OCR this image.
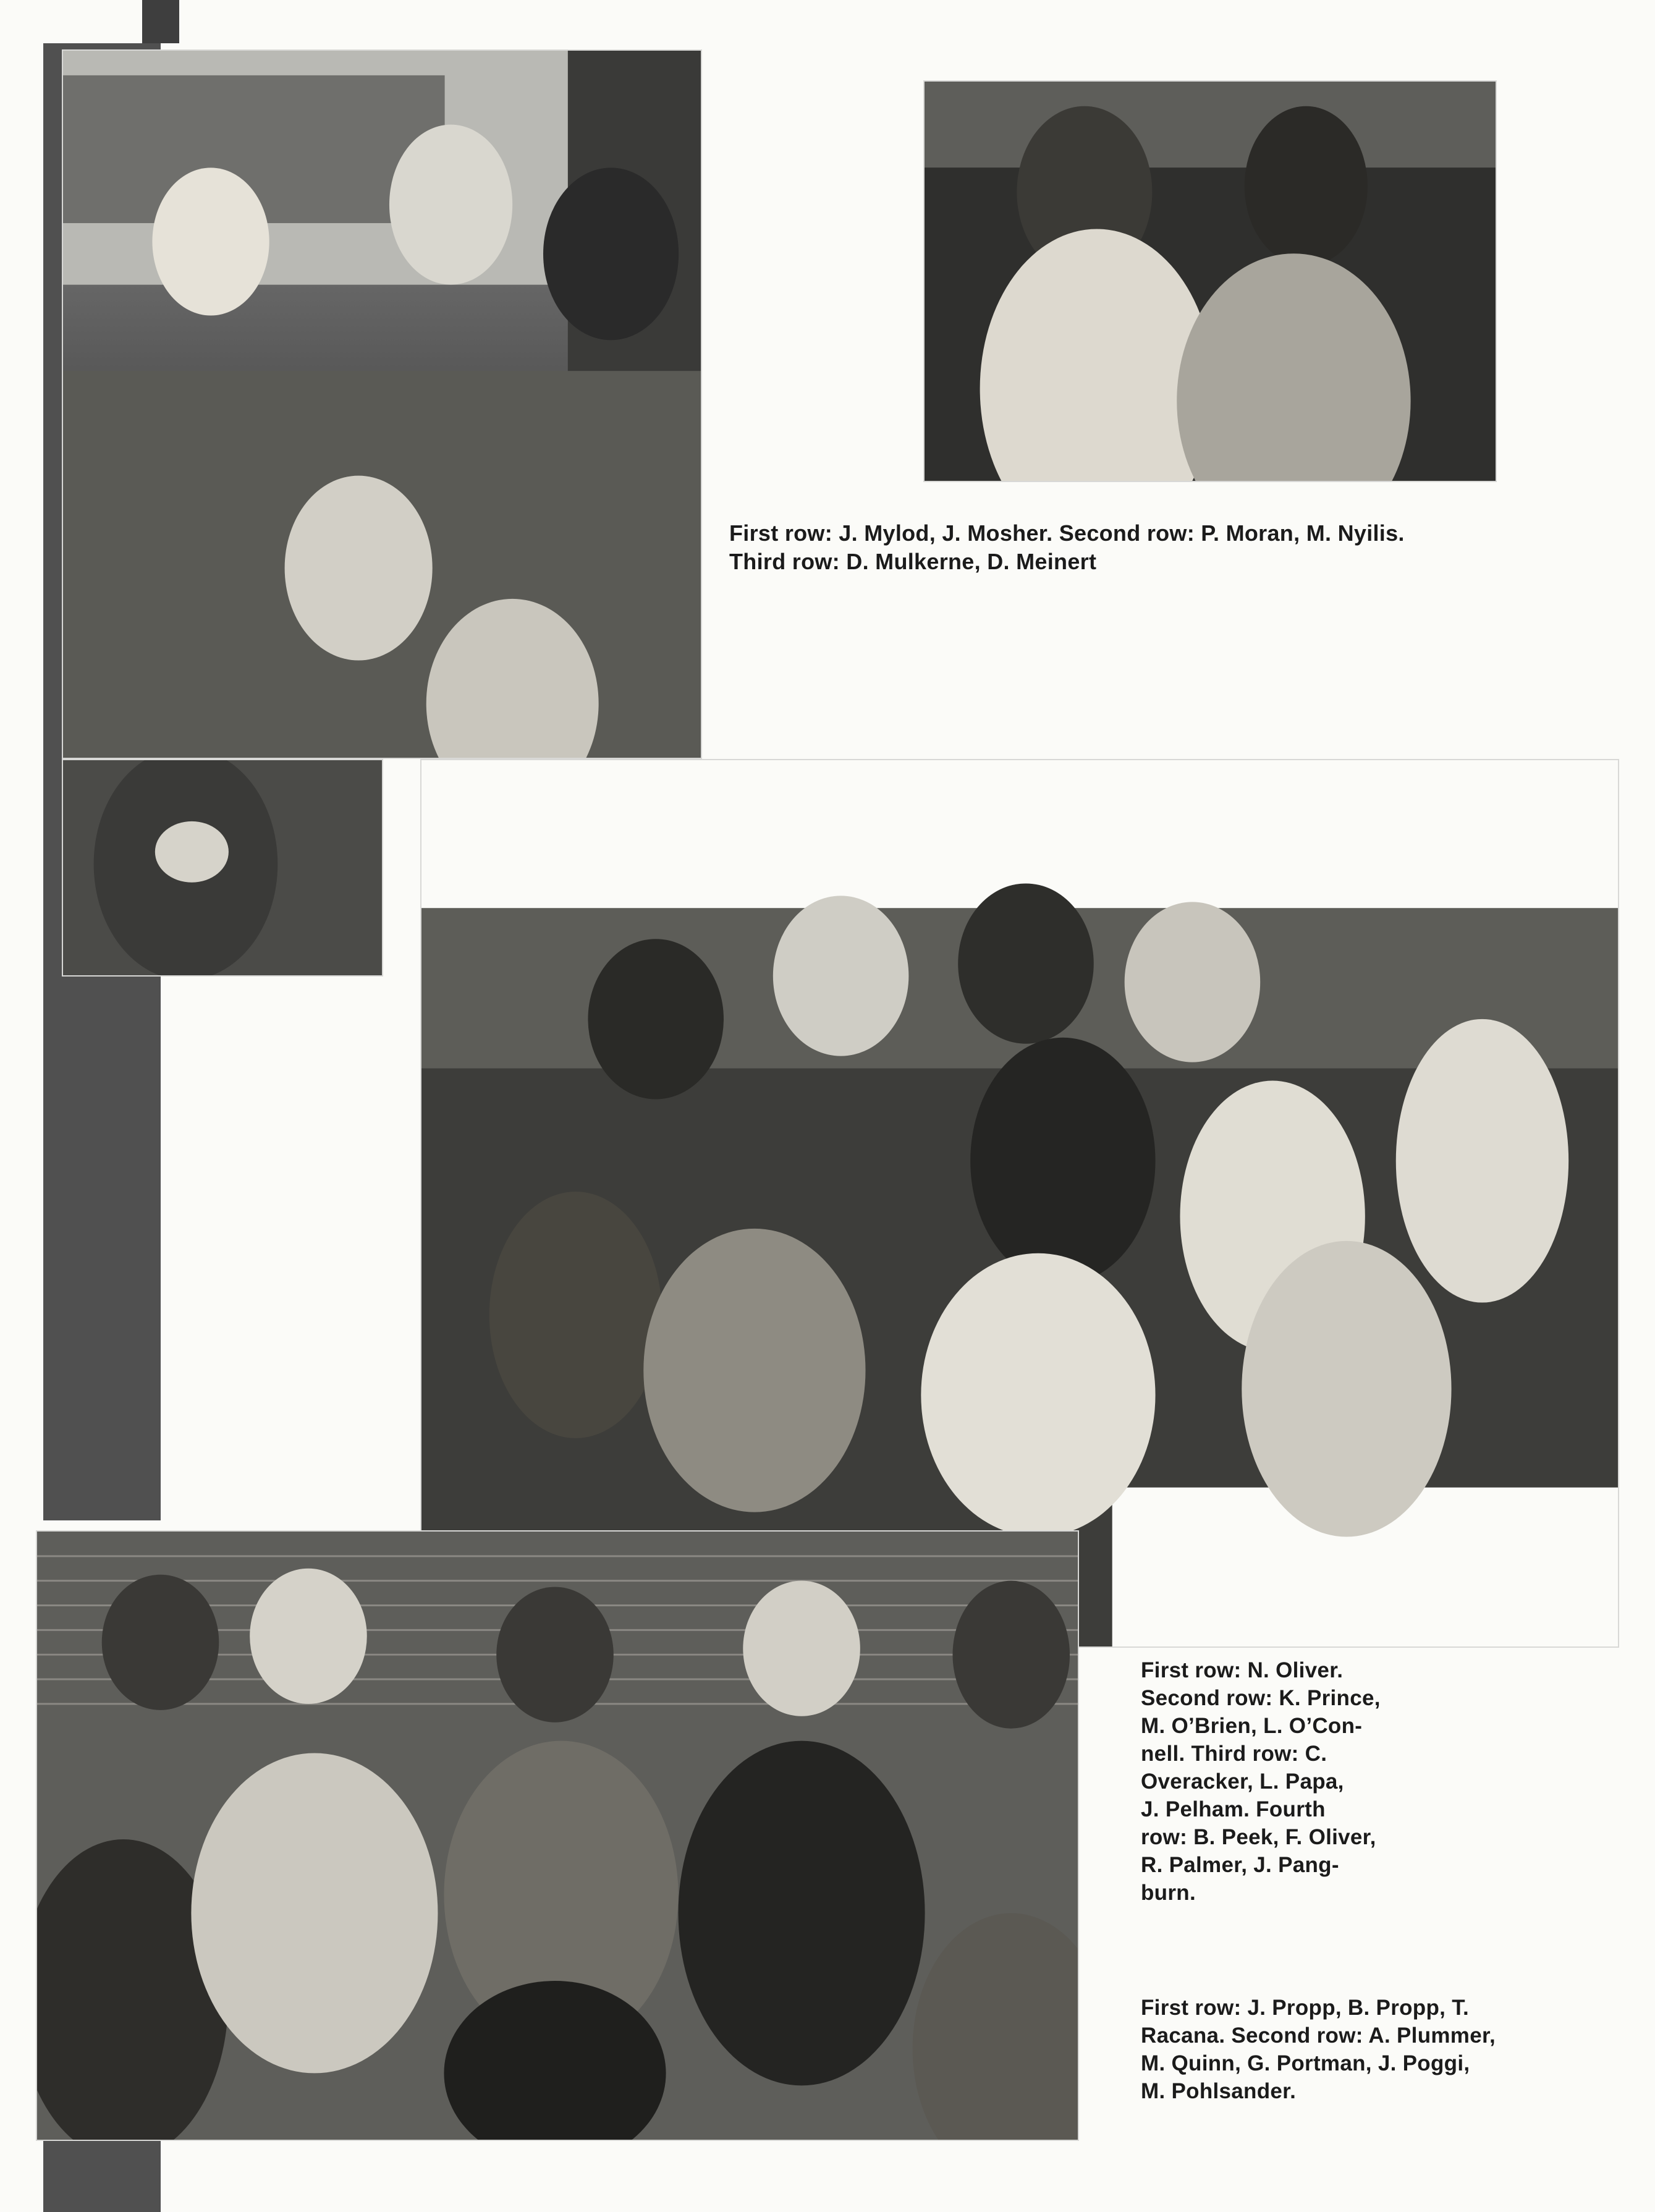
First row: J. Mylod, J. Mosher. Second row: P. Moran, M. Nyilis.
Third row: D. Mulkerne, D. Meinert
First row: N. Oliver.
Second row: K. Prince,
M. O’Brien, L. O’Con-
nell. Third row: C.
Overacker, L. Papa,
J. Pelham. Fourth
row: B. Peek, F. Oliver,
R. Palmer, J. Pang-
burn.
First row: J. Propp, B. Propp, T.
Racana. Second row: A. Plummer,
M. Quinn, G. Portman, J. Poggi,
M. Pohlsander.
